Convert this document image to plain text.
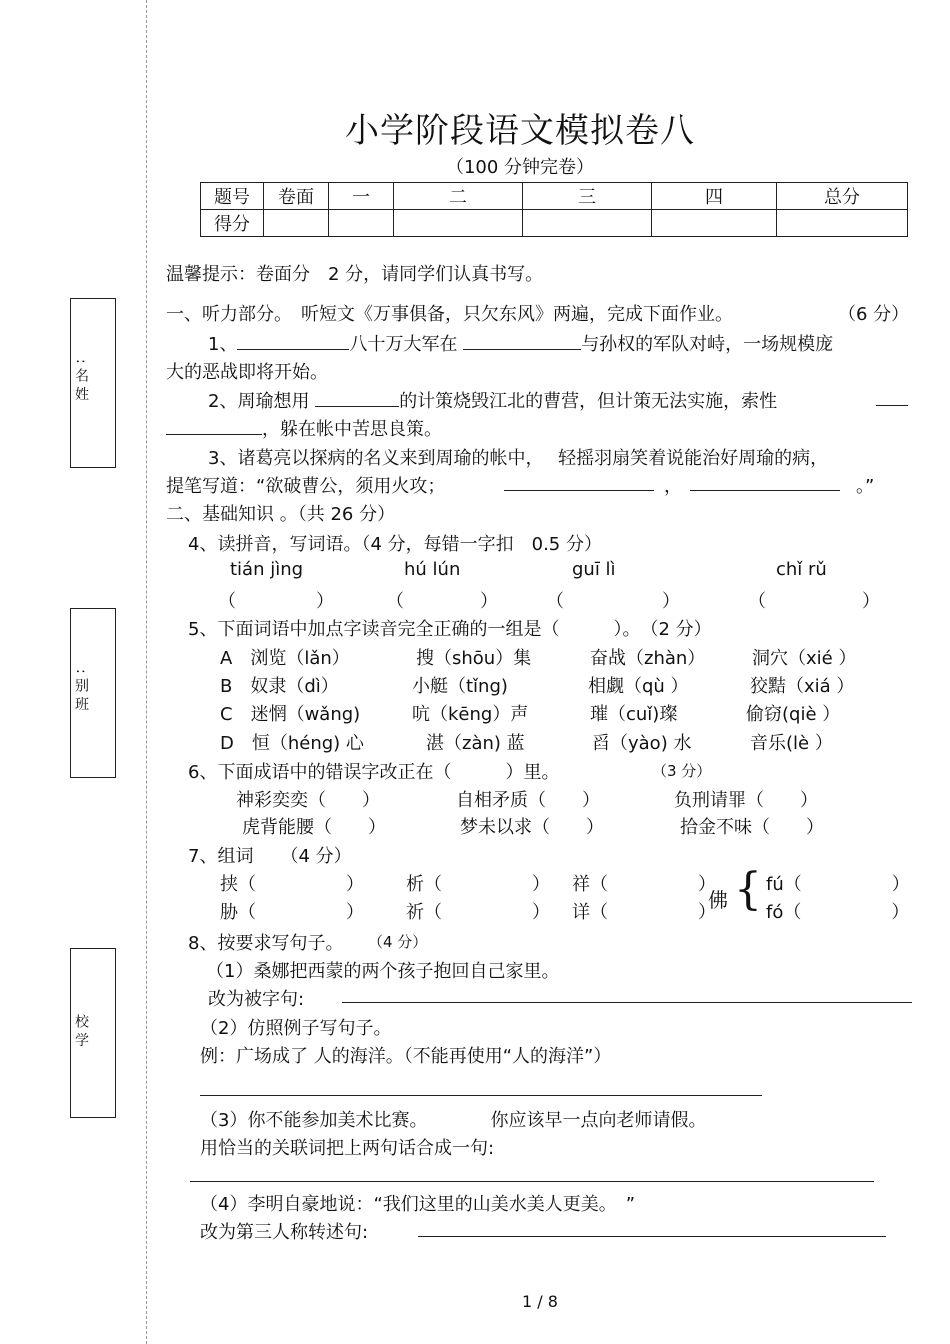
: 名 姓
: 别 班
校 学
小学阶段语文模拟卷八
（100 分钟完卷）
题号	卷面	一	二	三	四	总分
得分						
温馨提示：卷面分　2 分，请同学们认真书写。
一、听力部分。　听短文《万事俱备，只欠东风》两遍，完成下面作业。	（6 分）
1、	八十万大军在	与孙权的军队对峙，一场规模庞
大的恶战即将开始。
2、周瑜想用	的计策烧毁江北的曹营，但计策无法实施，索性
，躲在帐中苦思良策。
3、诸葛亮以探病的名义来到周瑜的帐中，　 轻摇羽扇笑着说能治好周瑜的病，
提笔写道：“欲破曹公，须用火攻；	，	。”
二、基础知识 。（共 26 分）
4、读拼音，写词语。（4 分，每错一字扣　0.5 分）
tián jìng	hú lún	guī lì	chǐ rǔ
（	）	（	）	（	）	（	）
5、下面词语中加点字读音完全正确的一组是（　　　）。　（2 分）
A　浏览（lǎn）	搜（shōu）集	奋战（zhàn）	洞穴（xié ）
B　奴隶（dì）	小艇（tǐng)	相觑（qù ）	狡黠（xiá ）
C　迷惘（wǎng)	吭（kēng）声	璀（cuǐ)璨	偷窃(qiè ）
D　恒（héng) 心	湛（zàn) 蓝	舀（yào) 水	音乐(lè ）
6、下面成语中的错误字改正在（　　　）里。	（3 分）
神彩奕奕（　　）	自相矛质（　　）	负刑请罪（　　）
虎背能腰（　　）	梦未以求（　　）	拾金不味（　　）
7、组词　　（4 分）
挟（　　　　　） 析（　　　　　） 祥（　　　　　）
胁（　　　　　） 祈（　　　　　） 详（　　　　　）
佛 { fú（　　　　　）
fó（　　　　　）
8、按要求写句子。 （4 分）
（1）桑娜把西蒙的两个孩子抱回自己家里。
改为被字句:
（2）仿照例子写句子。
例：广场成了 人的海洋。（不能再使用“人的海洋”）
（3）你不能参加美术比赛。　　　　你应该早一点向老师请假。
用恰当的关联词把上两句话合成一句:
（4）李明自豪地说：“我们这里的山美水美人更美。　”
改为第三人称转述句:
1 / 8
